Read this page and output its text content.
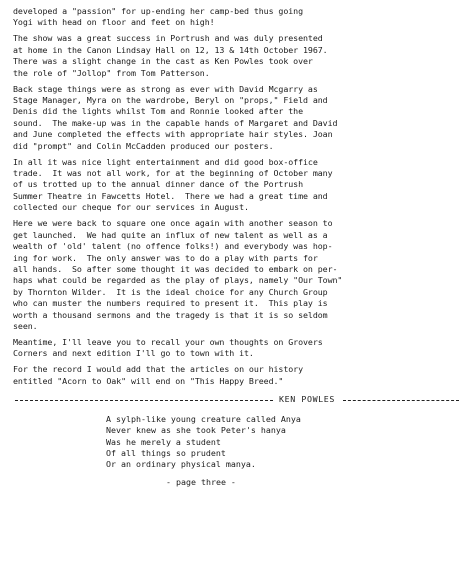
developed a "passion" for up-ending her camp-bed thus going
Yogi with head on floor and feet on high!

The show was a great success in Portrush and was duly presented
at home in the Canon Lindsay Hall on 12, 13 & 14th October 1967.
There was a slight change in the cast as Ken Powles took over
the role of "Jollop" from Tom Patterson.

Back stage things were as strong as ever with David Mcgarry as
Stage Manager, Myra on the wardrobe, Beryl on "props," Field and
Denis did the lights whilst Tom and Ronnie looked after the
sound.  The make-up was in the capable hands of Margaret and David
and June completed the effects with appropriate hair styles. Joan
did "prompt" and Colin McCadden produced our posters.

In all it was nice light entertainment and did good box-office
trade.  It was not all work, for at the beginning of October many
of us trotted up to the annual dinner dance of the Portrush
Summer Theatre in Fawcetts Hotel.  There we had a great time and
collected our cheque for our services in August.

Here we were back to square one once again with another season to
get launched.  We had quite an influx of new talent as well as a
wealth of 'old' talent (no offence folks!) and everybody was hop-
ing for work.  The only answer was to do a play with parts for
all hands.  So after some thought it was decided to embark on per-
haps what could be regarded as the play of plays, namely "Our Town"
by Thornton Wilder.  It is the ideal choice for any Church Group
who can muster the numbers required to present it.  This play is
worth a thousand sermons and the tragedy is that it is so seldom
seen.

Meantime, I'll leave you to recall your own thoughts on Grovers
Corners and next edition I'll go to town with it.

For the record I would add that the articles on our history
entitled "Acorn to Oak" will end on "This Happy Breed."

KEN POWLES
A sylph-like young creature called Anya
Never knew as she took Peter's hanya
Was he merely a student
Of all things so prudent
Or an ordinary physical manya.
- page three -
